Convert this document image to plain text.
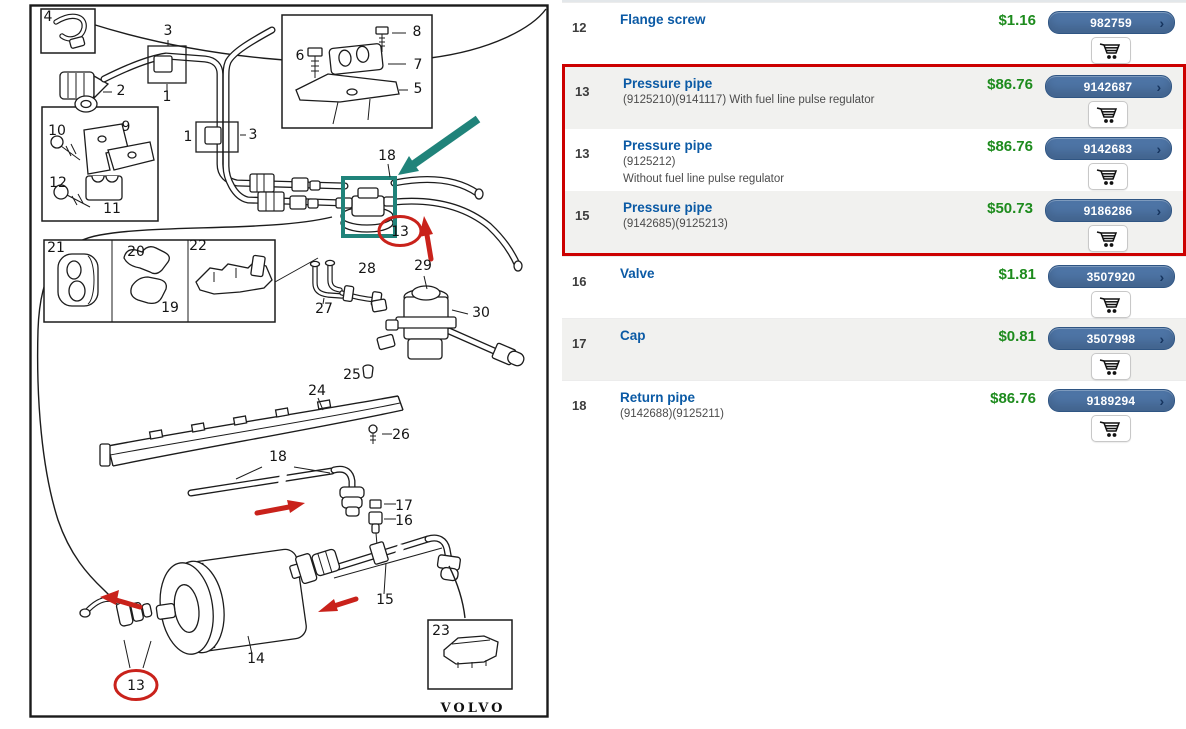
4
3
1
2
1	3
10	9
12
11
6
8
7
5
18
21	20	22
19	27
28	29
30
13
24
25
26
18
17
16
15
14
23
13
VOLVO
12
Flange screw	$1.16	982759 ›
13
Pressure pipe
(9125210)(9141117) With fuel line pulse regulator
$86.76	9142687 ›
13
Pressure pipe
(9125212)
Without fuel line pulse regulator
$86.76	9142683 ›
15
Pressure pipe
(9142685)(9125213)
$50.73	9186286 ›
16
Valve	$1.81	3507920 ›
17
Cap	$0.81	3507998 ›
18
Return pipe
(9142688)(9125211)
$86.76	9189294 ›
